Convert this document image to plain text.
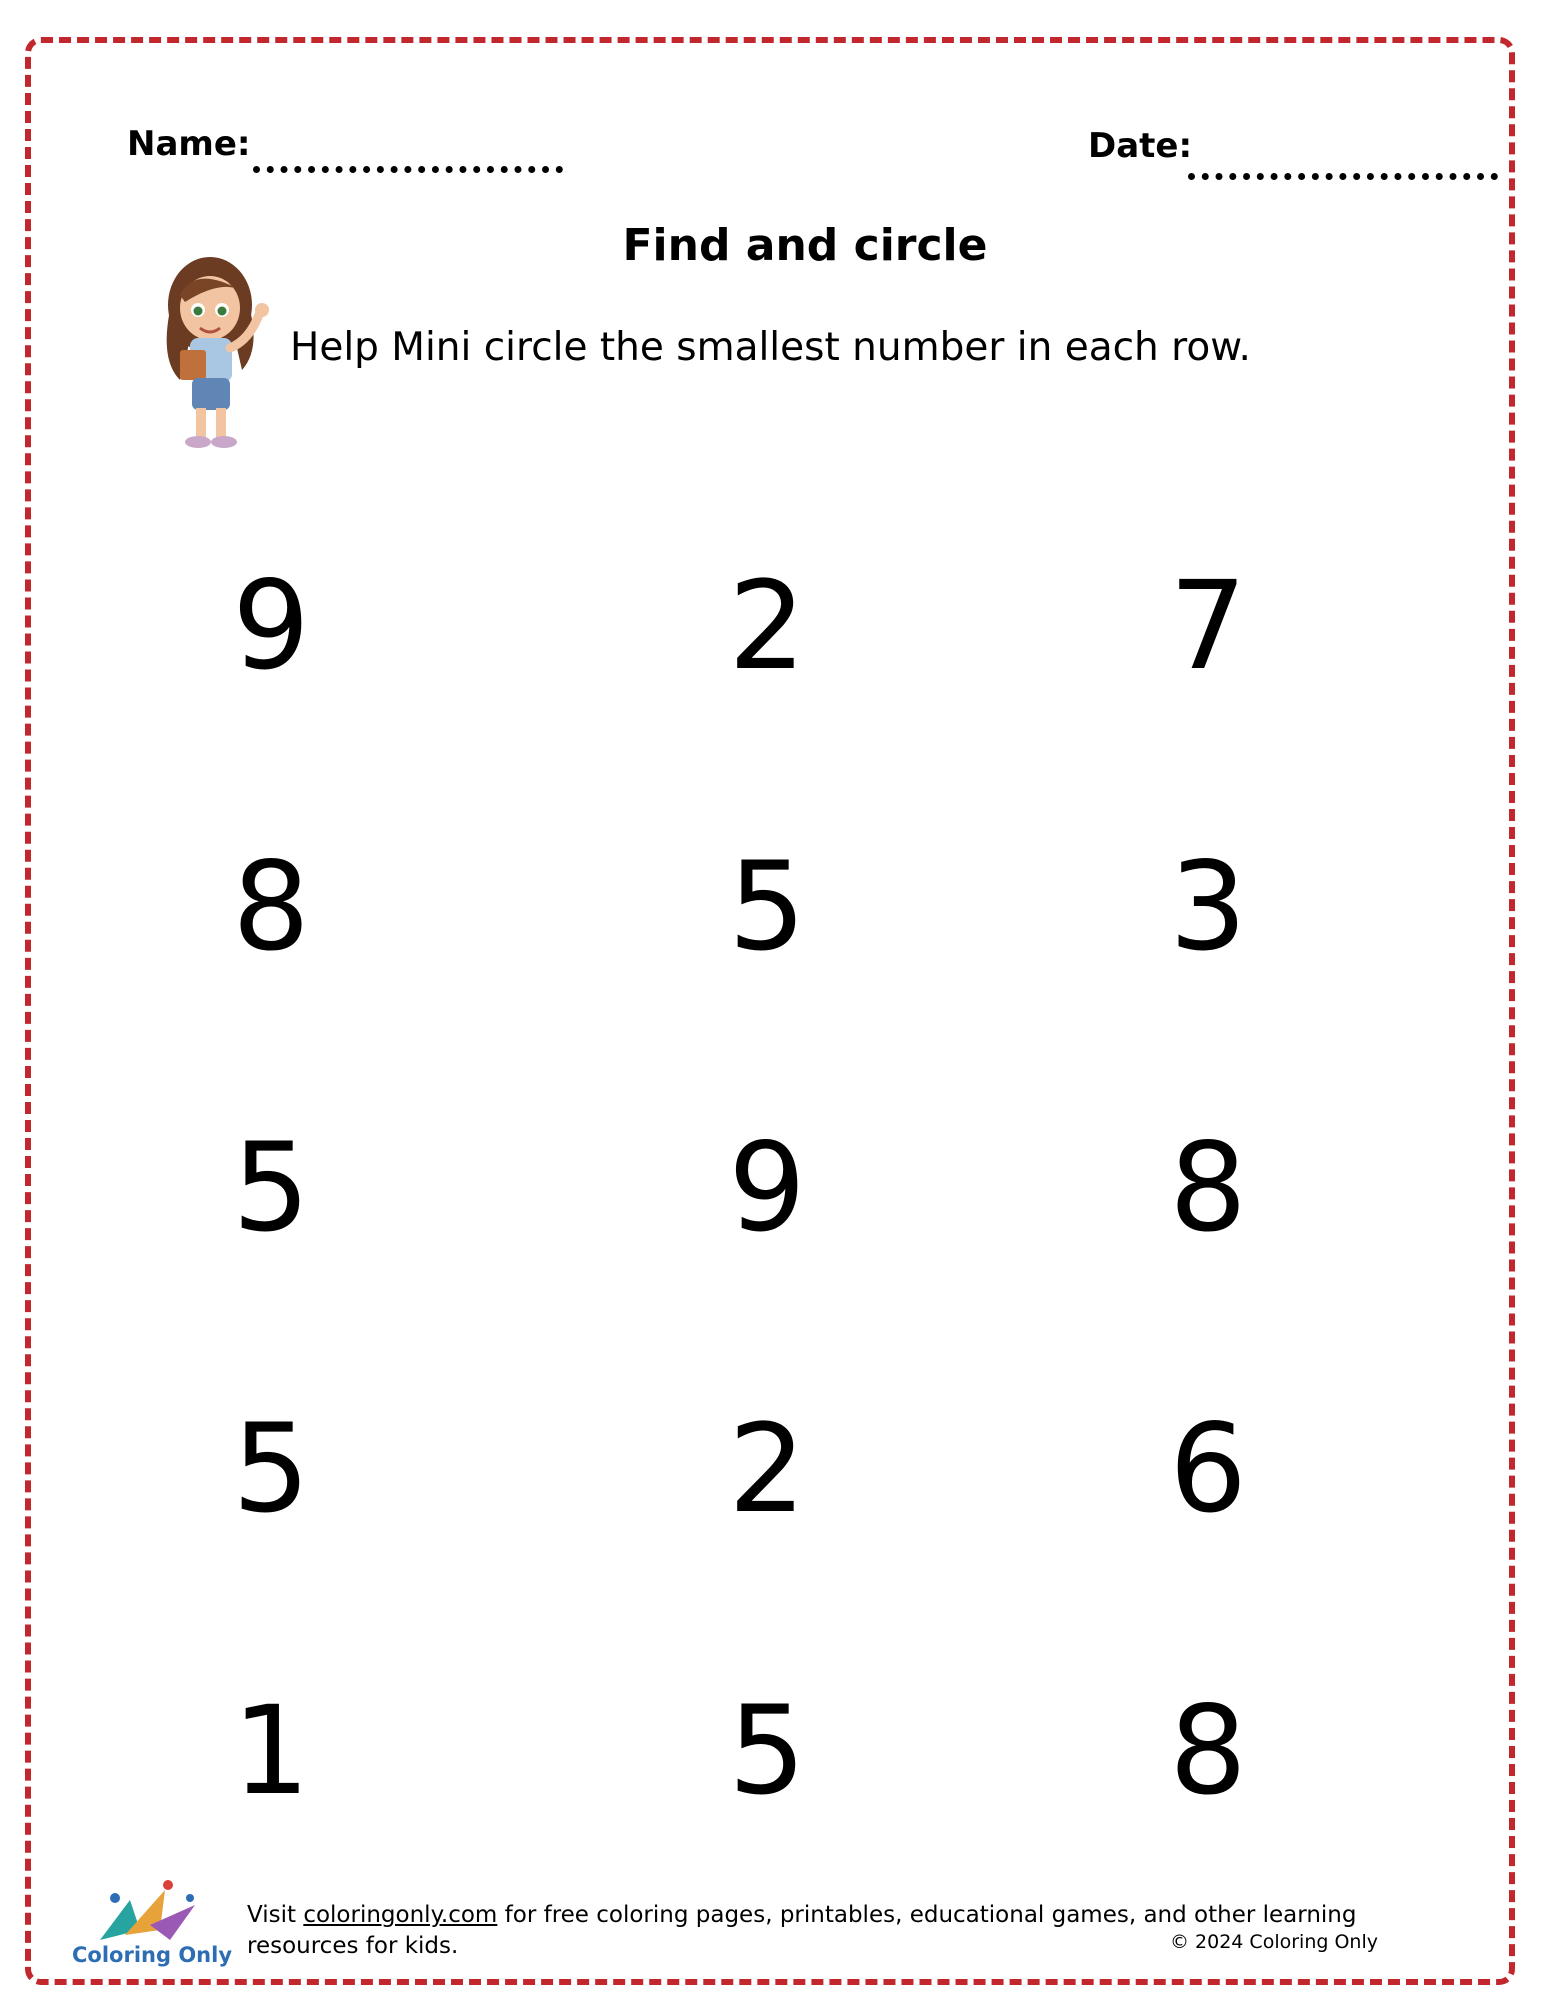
Name:	Date:
Find and circle
Help Mini circle the smallest number in each row.
9	2	7
8	5	3
5	9	8
5	2	6
1	5	8
Coloring Only
Visit coloringonly.com for free coloring pages, printables, educational games, and other learning resources for kids.	© 2024 Coloring Only
